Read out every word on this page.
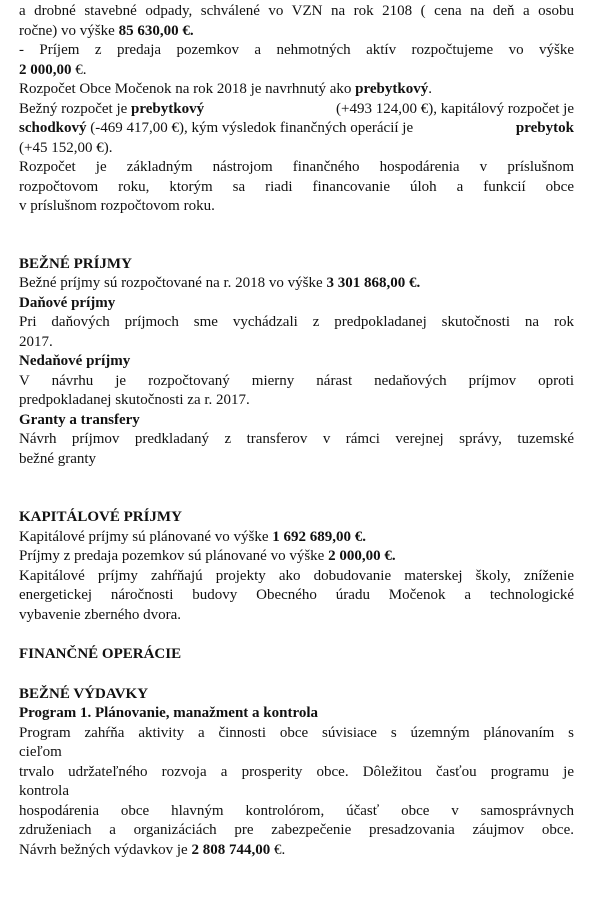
a drobné stavebné odpady, schválené vo VZN na rok 2108 ( cena na deň a osobu
ročne) vo výške 85 630,00 €.
- Príjem z predaja pozemkov a nehmotných aktív rozpočtujeme vo výške
2 000,00 €.
Rozpočet Obce Močenok na rok 2018 je navrhnutý ako prebytkový.
Bežný rozpočet je prebytkový	(+493 124,00 €), kapitálový rozpočet je
schodkový (-469 417,00 €), kým výsledok finančných operácií je	prebytok
(+45 152,00 €).
Rozpočet je základným nástrojom finančného hospodárenia v príslušnom
rozpočtovom roku, ktorým sa riadi financovanie úloh a funkcií obce
v príslušnom rozpočtovom roku.
BEŽNÉ PRÍJMY
Bežné príjmy sú rozpočtované na r. 2018 vo výške 3 301 868,00 €.
Daňové príjmy
Pri daňových príjmoch sme vychádzali z predpokladanej skutočnosti na rok
2017.
Nedaňové príjmy
V návrhu je rozpočtovaný mierny nárast nedaňových príjmov oproti
predpokladanej skutočnosti za r. 2017.
Granty a transfery
Návrh príjmov predkladaný z transferov v rámci verejnej správy, tuzemské
bežné granty
KAPITÁLOVÉ PRÍJMY
Kapitálové príjmy sú plánované vo výške 1 692 689,00 €.
Príjmy z predaja pozemkov sú plánované vo výške 2 000,00 €.
Kapitálové príjmy zahŕňajú projekty ako dobudovanie materskej školy, zníženie
energetickej náročnosti budovy Obecného úradu Močenok a technologické
vybavenie zberného dvora.
FINANČNÉ OPERÁCIE
BEŽNÉ VÝDAVKY
Program 1. Plánovanie, manažment a kontrola
Program zahŕňa aktivity a činnosti obce súvisiace s územným plánovaním s
cieľom
trvalo udržateľného rozvoja a prosperity obce. Dôležitou časťou programu je
kontrola
hospodárenia obce hlavným kontrolórom, účasť obce v samosprávnych
združeniach a organizáciách pre zabezpečenie presadzovania záujmov obce.
Návrh bežných výdavkov je 2 808 744,00 €.
